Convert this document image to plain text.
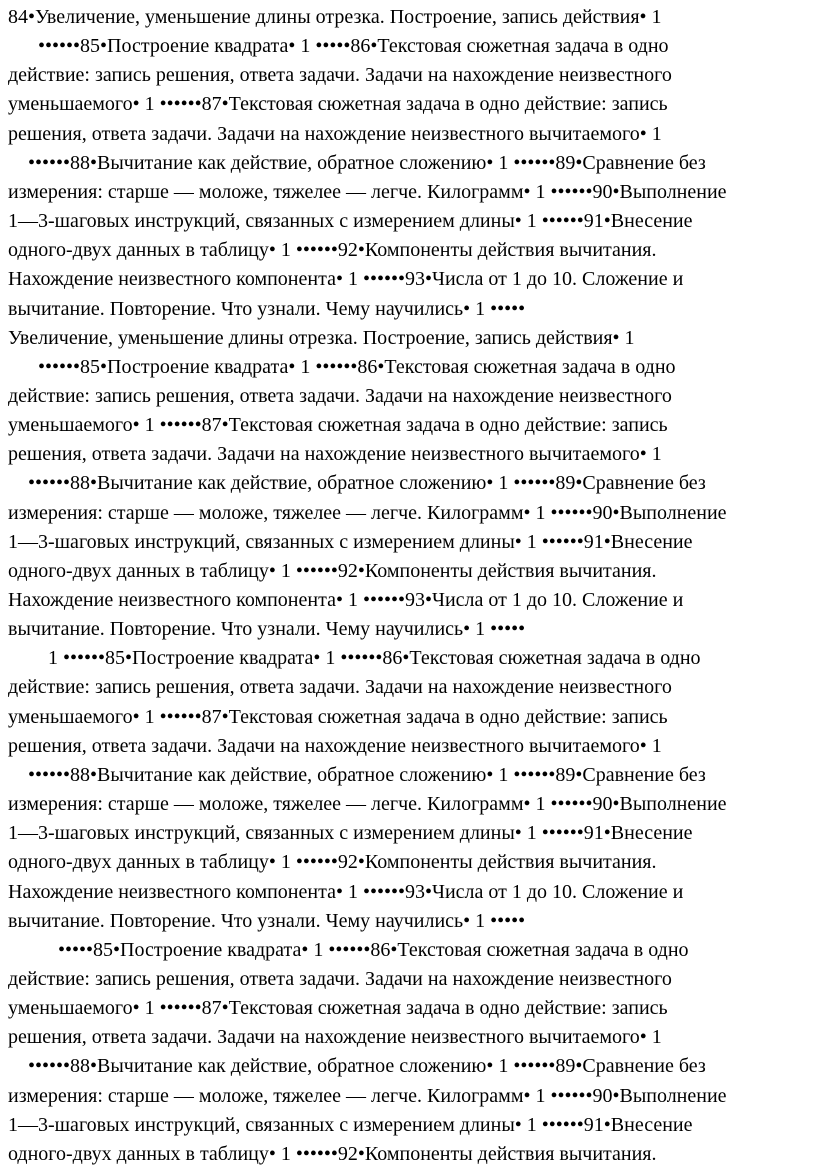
84•Увеличение, уменьшение длины отрезка. Построение, запись действия• 1
••••••85•Построение квадрата• 1 •••••86•Текстовая сюжетная задача в одно
действие: запись решения, ответа задачи. Задачи на нахождение неизвестного
уменьшаемого• 1 ••••••87•Текстовая сюжетная задача в одно действие: запись
решения, ответа задачи. Задачи на нахождение неизвестного вычитаемого• 1
••••••88•Вычитание как действие, обратное сложению• 1 ••••••89•Сравнение без
измерения: старше — моложе, тяжелее — легче. Килограмм• 1 ••••••90•Выполнение
1—3-шаговых инструкций, связанных с измерением длины• 1 ••••••91•Внесение
одного-двух данных в таблицу• 1 ••••••92•Компоненты действия вычитания.
Нахождение неизвестного компонента• 1 ••••••93•Числа от 1 до 10. Сложение и
вычитание. Повторение. Что узнали. Чему научились• 1 •••••
Увеличение, уменьшение длины отрезка. Построение, запись действия• 1
••••••85•Построение квадрата• 1 ••••••86•Текстовая сюжетная задача в одно
действие: запись решения, ответа задачи. Задачи на нахождение неизвестного
уменьшаемого• 1 ••••••87•Текстовая сюжетная задача в одно действие: запись
решения, ответа задачи. Задачи на нахождение неизвестного вычитаемого• 1
••••••88•Вычитание как действие, обратное сложению• 1 ••••••89•Сравнение без
измерения: старше — моложе, тяжелее — легче. Килограмм• 1 ••••••90•Выполнение
1—3-шаговых инструкций, связанных с измерением длины• 1 ••••••91•Внесение
одного-двух данных в таблицу• 1 ••••••92•Компоненты действия вычитания.
Нахождение неизвестного компонента• 1 ••••••93•Числа от 1 до 10. Сложение и
вычитание. Повторение. Что узнали. Чему научились• 1 •••••
1 ••••••85•Построение квадрата• 1 ••••••86•Текстовая сюжетная задача в одно
действие: запись решения, ответа задачи. Задачи на нахождение неизвестного
уменьшаемого• 1 ••••••87•Текстовая сюжетная задача в одно действие: запись
решения, ответа задачи. Задачи на нахождение неизвестного вычитаемого• 1
••••••88•Вычитание как действие, обратное сложению• 1 ••••••89•Сравнение без
измерения: старше — моложе, тяжелее — легче. Килограмм• 1 ••••••90•Выполнение
1—3-шаговых инструкций, связанных с измерением длины• 1 ••••••91•Внесение
одного-двух данных в таблицу• 1 ••••••92•Компоненты действия вычитания.
Нахождение неизвестного компонента• 1 ••••••93•Числа от 1 до 10. Сложение и
вычитание. Повторение. Что узнали. Чему научились• 1 •••••
•••••85•Построение квадрата• 1 ••••••86•Текстовая сюжетная задача в одно
действие: запись решения, ответа задачи. Задачи на нахождение неизвестного
уменьшаемого• 1 ••••••87•Текстовая сюжетная задача в одно действие: запись
решения, ответа задачи. Задачи на нахождение неизвестного вычитаемого• 1
••••••88•Вычитание как действие, обратное сложению• 1 ••••••89•Сравнение без
измерения: старше — моложе, тяжелее — легче. Килограмм• 1 ••••••90•Выполнение
1—3-шаговых инструкций, связанных с измерением длины• 1 ••••••91•Внесение
одного-двух данных в таблицу• 1 ••••••92•Компоненты действия вычитания.
